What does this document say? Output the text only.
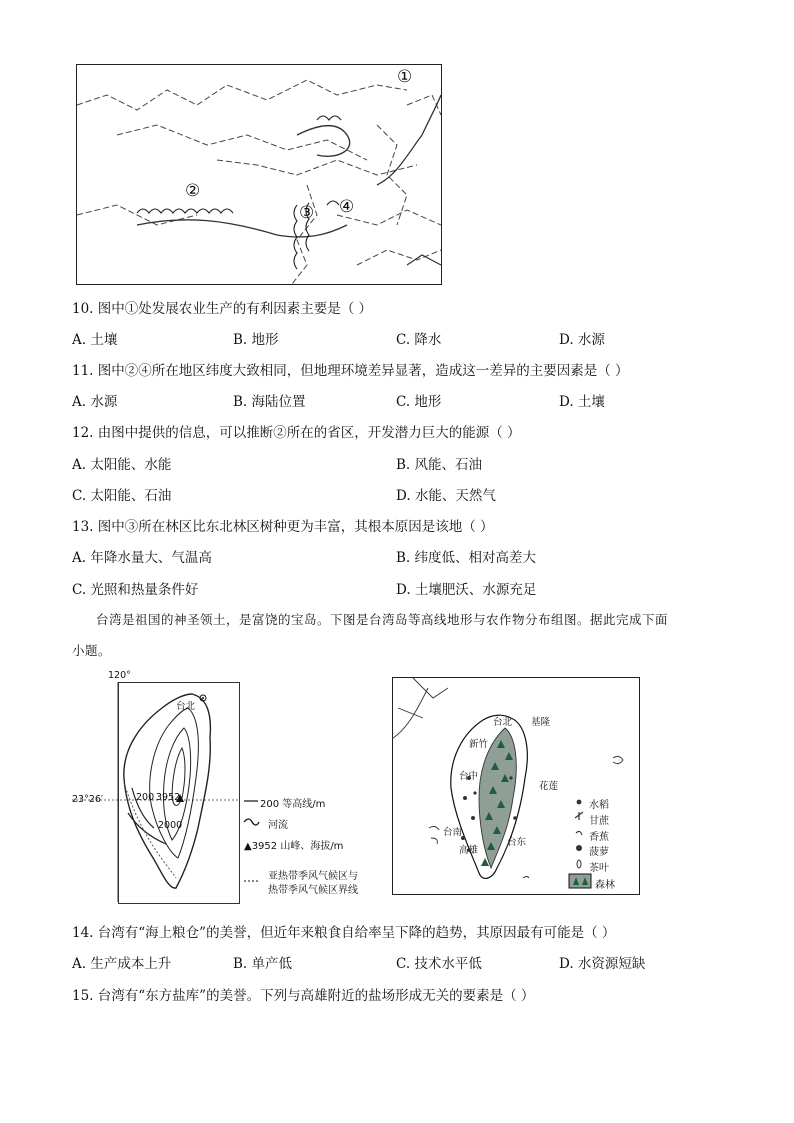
①
②
③ ④
10. 图中①处发展农业生产的有利因素主要是（ ）
A. 土壤	B. 地形	C. 降水	D. 水源
11. 图中②④所在地区纬度大致相同，但地理环境差异显著，造成这一差异的主要因素是（ ）
A. 水源	B. 海陆位置	C. 地形	D. 土壤
12. 由图中提供的信息，可以推断②所在的省区，开发潜力巨大的能源（ ）
A. 太阳能、水能	B. 风能、石油
C. 太阳能、石油	D. 水能、天然气
13. 图中③所在林区比东北林区树种更为丰富，其根本原因是该地（ ）
A. 年降水量大、气温高	B. 纬度低、相对高差大
C. 光照和热量条件好	D. 土壤肥沃、水源充足
台湾是祖国的神圣领土，是富饶的宝岛。下图是台湾岛等高线地形与农作物分布组图。据此完成下面
小题。
120°
台北
23°26′	200 3952
2000
200 等高线/m
河流
▲3952 山峰、海拔/m
亚热带季风气候区与
热带季风气候区界线
台北 基隆
新竹
台中
花莲
台南
高雄
台东
水稻
甘蔗
香蕉
菠萝
茶叶
森林
14. 台湾有“海上粮仓”的美誉，但近年来粮食自给率呈下降的趋势，其原因最有可能是（ ）
A. 生产成本上升	B. 单产低	C. 技术水平低	D. 水资源短缺
15. 台湾有“东方盐库”的美誉。下列与高雄附近的盐场形成无关的要素是（ ）
